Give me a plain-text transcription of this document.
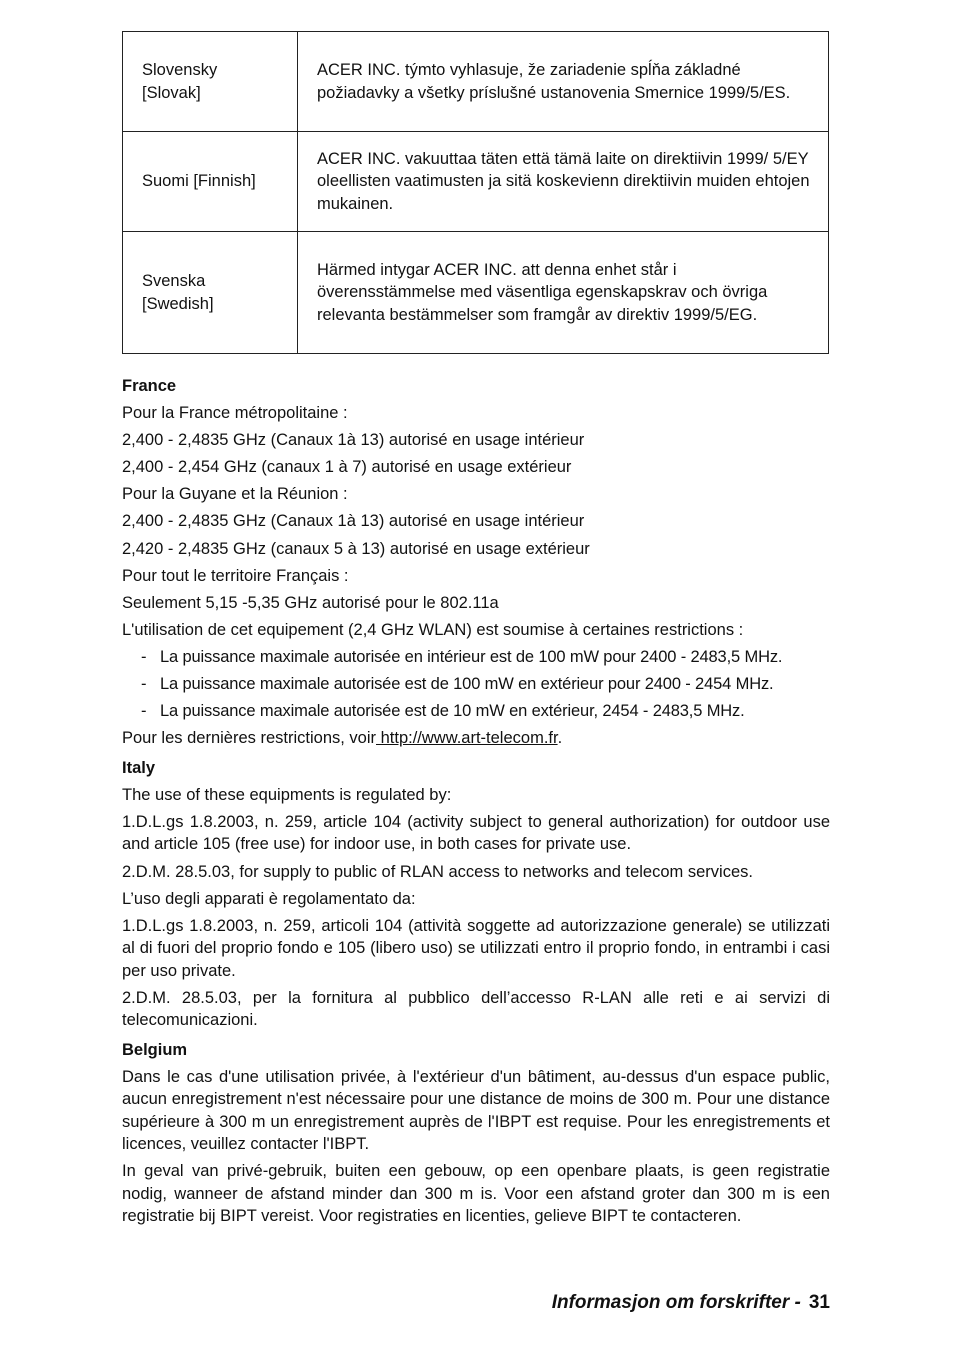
Slovensky [Slovak]	ACER INC. týmto vyhlasuje, že zariadenie spĺňa základné požiadavky a všetky príslušné ustanovenia Smernice 1999/5/ES.
Suomi [Finnish]	ACER INC. vakuuttaa täten että tämä laite on direktiivin 1999/ 5/EY oleellisten vaatimusten ja sitä koskevienn direktiivin muiden ehtojen mukainen.
Svenska [Swedish]	Härmed intygar ACER INC. att denna enhet står i överensstämmelse med väsentliga egenskapskrav och övriga relevanta bestämmelser som framgår av direktiv 1999/5/EG.
France

Pour la France métropolitaine :

2,400 - 2,4835 GHz (Canaux 1à 13) autorisé en usage intérieur

2,400 - 2,454 GHz (canaux 1 à 7) autorisé en usage extérieur

Pour la Guyane et la Réunion :

2,400 - 2,4835 GHz (Canaux 1à 13) autorisé en usage intérieur

2,420 - 2,4835 GHz (canaux 5 à 13) autorisé en usage extérieur

Pour tout le territoire Français :

Seulement 5,15 -5,35 GHz autorisé pour le 802.11a

L'utilisation de cet equipement (2,4 GHz WLAN) est soumise à certaines restrictions :

- La puissance maximale autorisée en intérieur est de 100 mW pour 2400 - 2483,5 MHz.
- La puissance maximale autorisée est de 100 mW en extérieur pour 2400 - 2454 MHz.
- La puissance maximale autorisée est de 10 mW en extérieur, 2454 - 2483,5 MHz.

Pour les dernières restrictions, voir http://www.art-telecom.fr.

Italy

The use of these equipments is regulated by:

1.D.L.gs 1.8.2003, n. 259, article 104 (activity subject to general authorization) for outdoor use and article 105 (free use) for indoor use, in both cases for private use.

2.D.M. 28.5.03, for supply to public of RLAN access to networks and telecom services.

L’uso degli apparati è regolamentato da:

1.D.L.gs 1.8.2003, n. 259, articoli 104 (attività soggette ad autorizzazione generale) se utilizzati al di fuori del proprio fondo e 105 (libero uso) se utilizzati entro il proprio fondo, in entrambi i casi per uso private.

2.D.M. 28.5.03, per la fornitura al pubblico dell’accesso R-LAN alle reti e ai servizi di telecomunicazioni.

Belgium

Dans le cas d'une utilisation privée, à l'extérieur d'un bâtiment, au-dessus d'un espace public, aucun enregistrement n'est nécessaire pour une distance de moins de 300 m. Pour une distance supérieure à 300 m un enregistrement auprès de l'IBPT est requise. Pour les enregistrements et licences, veuillez contacter l'IBPT.

In geval van privé-gebruik, buiten een gebouw, op een openbare plaats, is geen registratie nodig, wanneer de afstand minder dan 300 m is. Voor een afstand groter dan 300 m is een registratie bij BIPT vereist. Voor registraties en licenties, gelieve BIPT te contacteren.

Informasjon om forskrifter - 31
